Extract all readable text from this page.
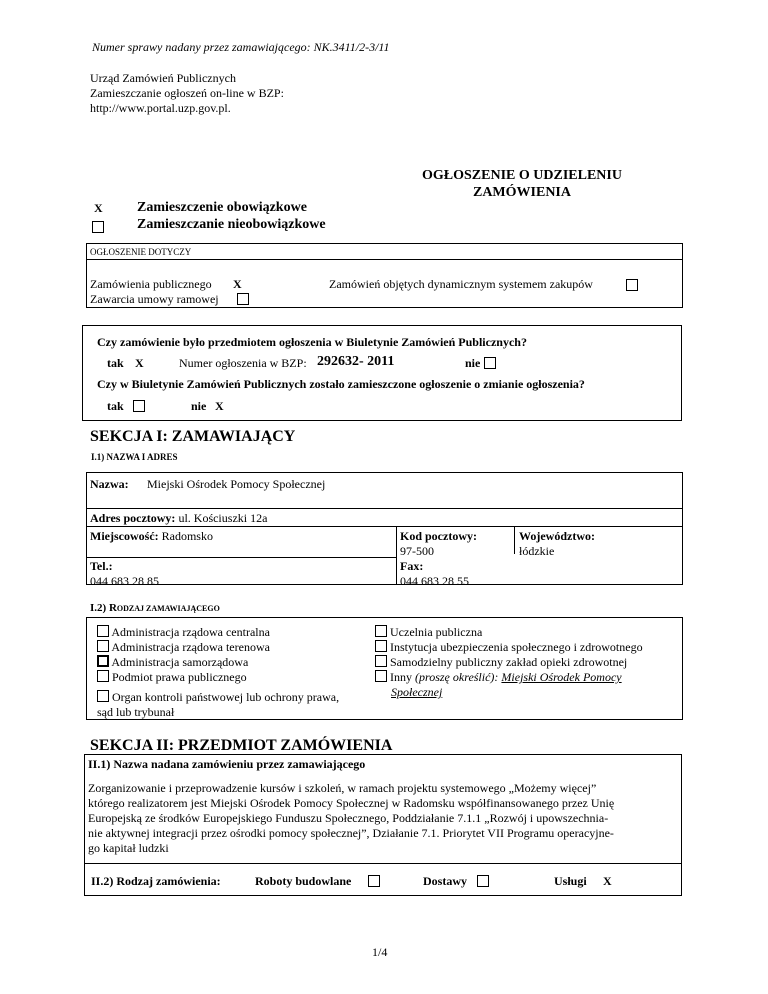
Numer sprawy nadany przez zamawiającego: NK.3411/2-3/11
Urząd Zamówień Publicznych
Zamieszczanie ogłoszeń on-line w BZP:
http://www.portal.uzp.gov.pl.
OGŁOSZENIE O UDZIELENIU
ZAMÓWIENIA
X Zamieszczenie obowiązkowe
Zamieszczanie nieobowiązkowe
OGŁOSZENIE DOTYCZY
Zamówienia publicznego X
Zawarcia umowy ramowej
Zamówień objętych dynamicznym systemem zakupów
Czy zamówienie było przedmiotem ogłoszenia w Biuletynie Zamówień Publicznych?
tak X	Numer ogłoszenia w BZP: 292632- 2011	nie
Czy w Biuletynie Zamówień Publicznych zostało zamieszczone ogłoszenie o zmianie ogłoszenia?
tak	nie X
SEKCJA I: ZAMAWIAJĄCY
I.1) NAZWA I ADRES
Nazwa: Miejski Ośrodek Pomocy Społecznej
Adres pocztowy: ul. Kościuszki 12a
Miejscowość: Radomsko	Kod pocztowy:
97-500
Województwo:
łódzkie
Tel.:
044 683 28 85
Fax:
044 683 28 55
I.2) RODZAJ ZAMAWIAJĄCEGO
Administracja rządowa centralna
Administracja rządowa terenowa
Administracja samorządowa
Podmiot prawa publicznego
Uczelnia publiczna
Instytucja ubezpieczenia społecznego i zdrowotnego
Samodzielny publiczny zakład opieki zdrowotnej
Inny (proszę określić): Miejski Ośrodek Pomocy
Społecznej
Organ kontroli państwowej lub ochrony prawa,
sąd lub trybunał
SEKCJA II: PRZEDMIOT ZAMÓWIENIA
II.1) Nazwa nadana zamówieniu przez zamawiającego
Zorganizowanie i przeprowadzenie kursów i szkoleń, w ramach projektu systemowego „Możemy więcej”
którego realizatorem jest Miejski Ośrodek Pomocy Społecznej w Radomsku współfinansowanego przez Unię
Europejską ze środków Europejskiego Funduszu Społecznego, Poddziałanie 7.1.1 „Rozwój i upowszechnia-
nie aktywnej integracji przez ośrodki pomocy społecznej”, Działanie 7.1. Priorytet VII Programu operacyjne-
go kapitał ludzki
II.2) Rodzaj zamówienia:	Roboty budowlane	Dostawy	Usługi X
1/4
